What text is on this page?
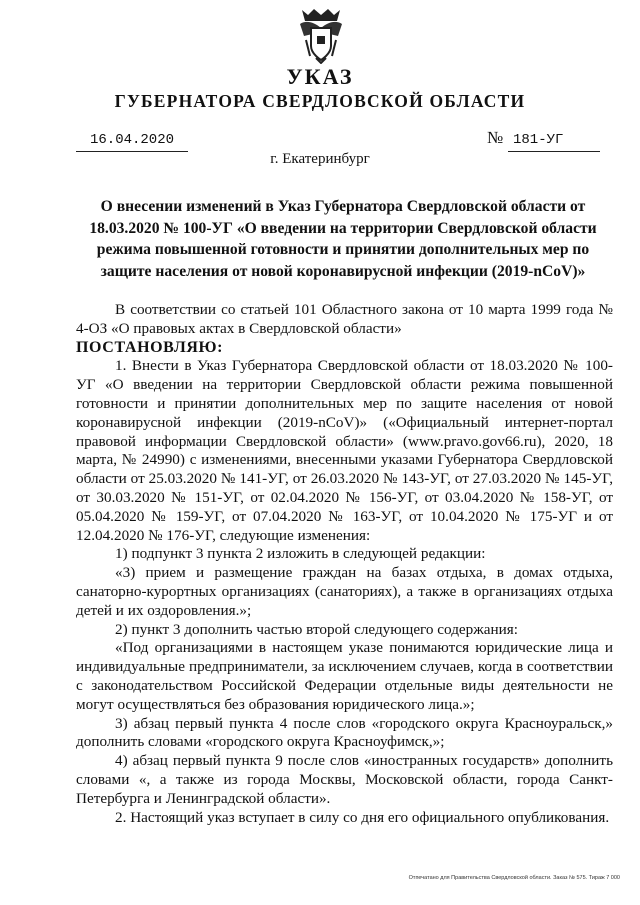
УКАЗ
ГУБЕРНАТОРА СВЕРДЛОВСКОЙ ОБЛАСТИ
16.04.2020	№ 181-УГ
г. Екатеринбург
О внесении изменений в Указ Губернатора Свердловской области от 18.03.2020 № 100-УГ «О введении на территории Свердловской области режима повышенной готовности и принятии дополнительных мер по защите населения от новой коронавирусной инфекции (2019-nCoV)»

В соответствии со статьей 101 Областного закона от 10 марта 1999 года № 4-ОЗ «О правовых актах в Свердловской области»

ПОСТАНОВЛЯЮ:

1. Внести в Указ Губернатора Свердловской области от 18.03.2020 № 100-УГ «О введении на территории Свердловской области режима повышенной готовности и принятии дополнительных мер по защите населения от новой коронавирусной инфекции (2019-nCoV)» («Официальный интернет-портал правовой информации Свердловской области» (www.pravo.gov66.ru), 2020, 18 марта, № 24990) с изменениями, внесенными указами Губернатора Свердловской области от 25.03.2020 № 141-УГ, от 26.03.2020 № 143-УГ, от 27.03.2020 № 145-УГ, от 30.03.2020 № 151-УГ, от 02.04.2020 № 156-УГ, от 03.04.2020 № 158-УГ, от 05.04.2020 № 159-УГ, от 07.04.2020 № 163-УГ, от 10.04.2020 № 175-УГ и от 12.04.2020 № 176-УГ, следующие изменения:

1) подпункт 3 пункта 2 изложить в следующей редакции:

«3) прием и размещение граждан на базах отдыха, в домах отдыха, санаторно-курортных организациях (санаториях), а также в организациях отдыха детей и их оздоровления.»;

2) пункт 3 дополнить частью второй следующего содержания:

«Под организациями в настоящем указе понимаются юридические лица и индивидуальные предприниматели, за исключением случаев, когда в соответствии с законодательством Российской Федерации отдельные виды деятельности не могут осуществляться без образования юридического лица.»;

3) абзац первый пункта 4 после слов «городского округа Красноуральск,» дополнить словами «городского округа Красноуфимск,»;

4) абзац первый пункта 9 после слов «иностранных государств» дополнить словами «, а также из города Москвы, Московской области, города Санкт-Петербурга и Ленинградской области».

2. Настоящий указ вступает в силу со дня его официального опубликования.

Отпечатано для Правительства Свердловской области. Заказ № 575. Тираж 7 000
